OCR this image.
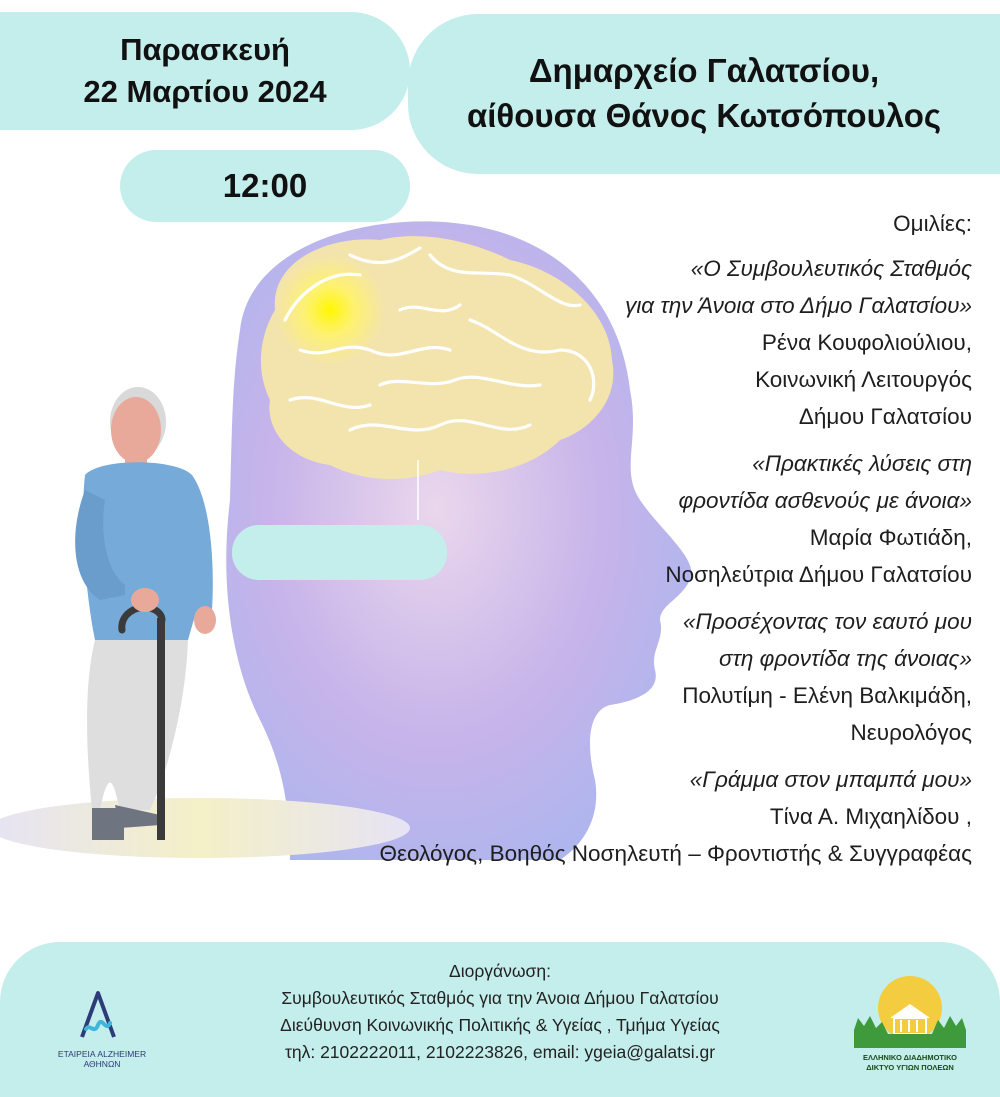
Παρασκευή
22 Μαρτίου 2024
Δημαρχείο Γαλατσίου,
αίθουσα Θάνος Κωτσόπουλος
12:00
Ομιλίες:
«Ο Συμβουλευτικός Σταθμός
για την Άνοια στο Δήμο Γαλατσίου»
Ρένα Κουφολιούλιου,
Κοινωνική Λειτουργός
Δήμου Γαλατσίου
«Πρακτικές λύσεις στη
φροντίδα ασθενούς με άνοια»
Μαρία Φωτιάδη,
Νοσηλεύτρια Δήμου Γαλατσίου
«Προσέχοντας τον εαυτό μου
στη φροντίδα της άνοιας»
Πολυτίμη - Ελένη Βαλκιμάδη,
Νευρολόγος
«Γράμμα στον μπαμπά μου»
Τίνα Α. Μιχαηλίδου ,
Θεολόγος, Βοηθός Νοσηλευτή – Φροντιστής & Συγγραφέας
Διοργάνωση:
Συμβουλευτικός Σταθμός για την Άνοια Δήμου Γαλατσίου
Διεύθυνση Κοινωνικής Πολιτικής & Υγείας , Τμήμα Υγείας
τηλ: 2102222011, 2102223826, email: ygeia@galatsi.gr
ΕΤΑΙΡΕΙΑ ALZHEIMER
ΑΘΗΝΩΝ
ΕΛΛΗΝΙΚΟ ΔΙΑΔΗΜΟΤΙΚΟ
ΔΙΚΤΥΟ ΥΓΙΩΝ ΠΟΛΕΩΝ
